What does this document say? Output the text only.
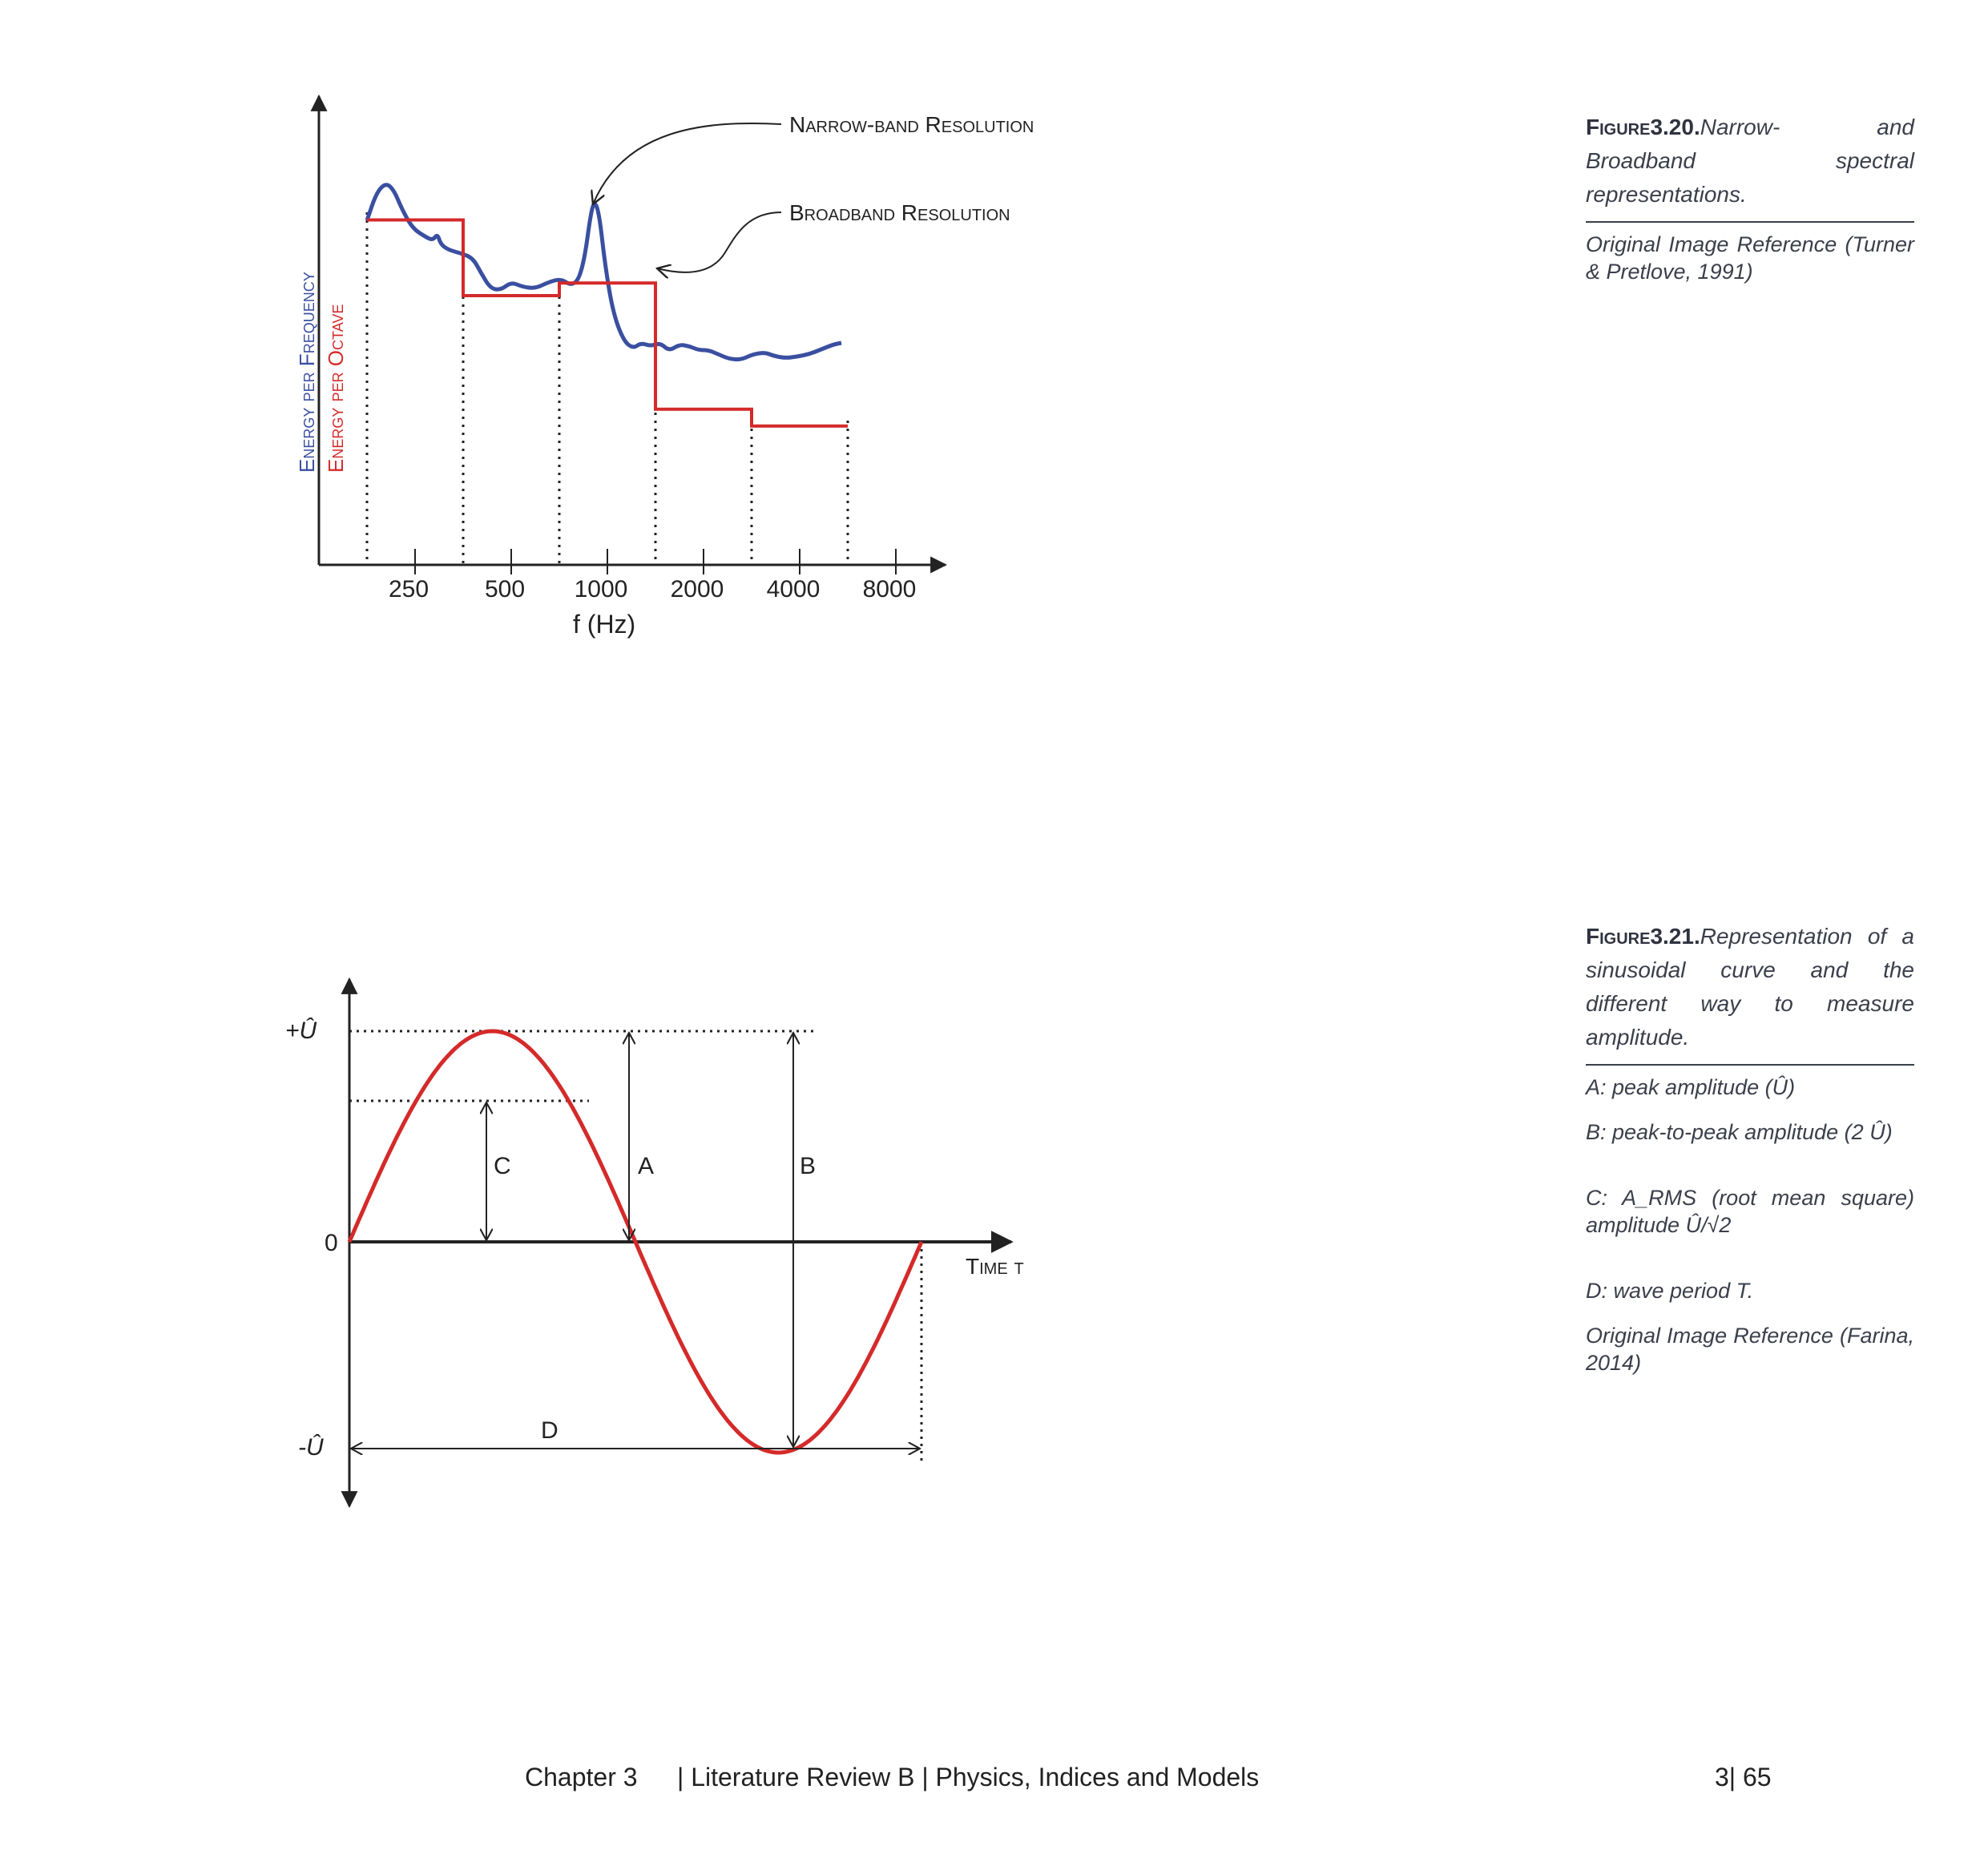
250 500 1000 2000 4000 8000
f (Hz)
Energy per Frequency Energy per Octave
Narrow-band Resolution
Broadband Resolution
C	A	B
D
+Û
0
-Û
Time t
Figure3.20.Narrow- and Broadband spectral representations.

Original Image Reference (Turner & Pretlove, 1991)

Figure3.21.Representation of a sinusoidal curve and the different way to measure amplitude.

A: peak amplitude (Û)

B: peak-to-peak amplitude (2 Û)

C: A_RMS (root mean square) amplitude Û/√2

D: wave period T.

Original Image Reference (Farina, 2014)

Chapter 3 | Literature Review B | Physics, Indices and Models	3| 65
